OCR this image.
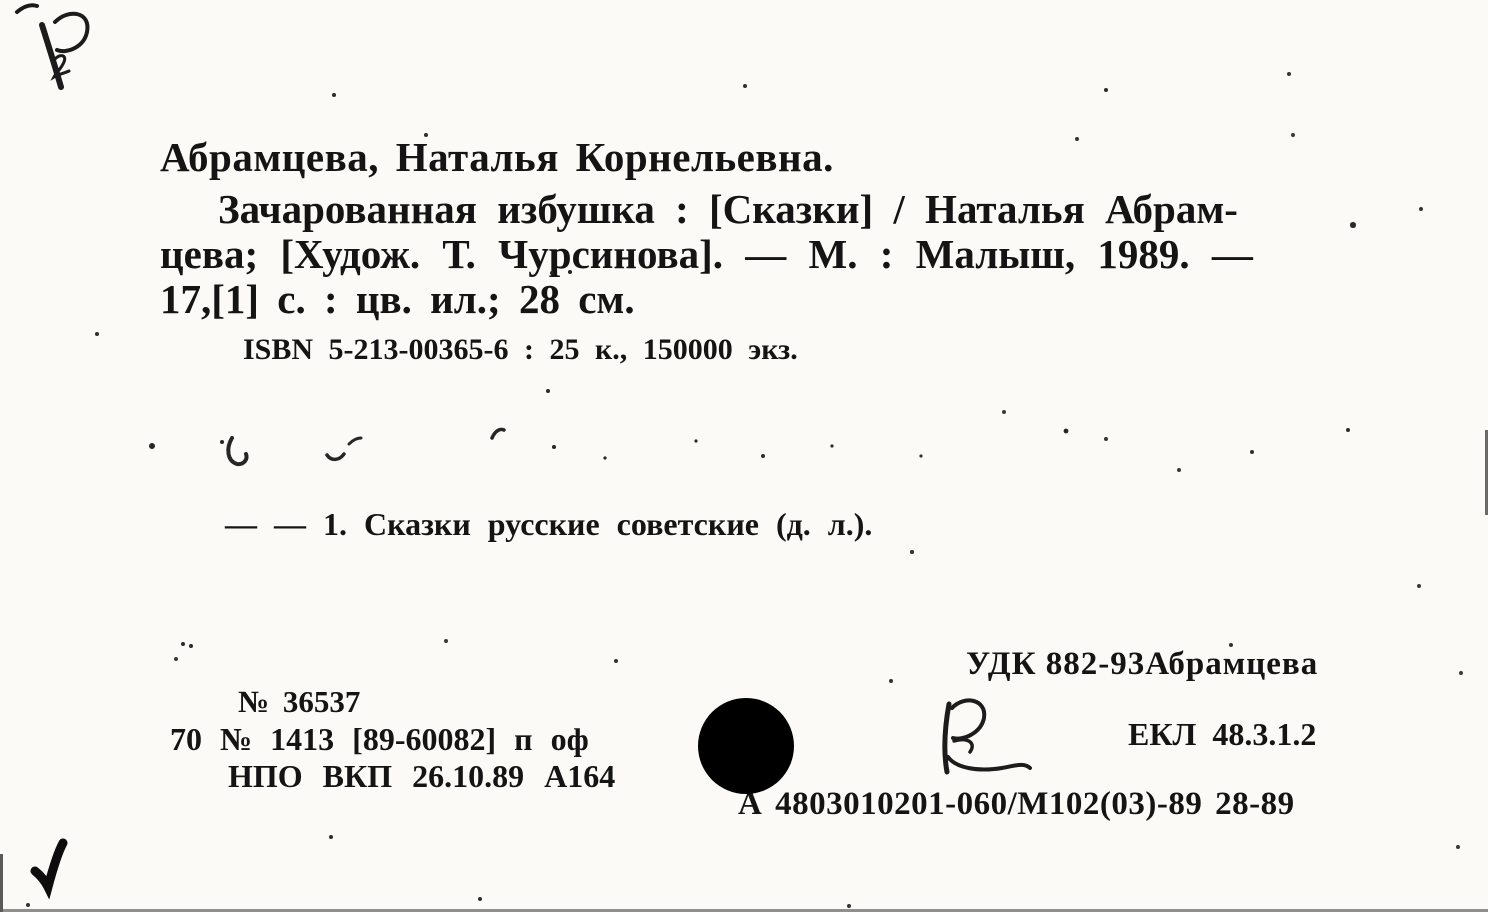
Абрамцева, Наталья Корнельевна.
Зачарованная избушка : [Сказки] / Наталья Абрам-
цева; [Худож. Т. Чурсинова]. — М. : Малыш, 1989. —
17,[1] с. : цв. ил.; 28 см.
ISBN 5-213-00365-6 : 25 к., 150000 экз.
— — 1. Сказки русские советские (д. л.).
УДК 882-93Абрамцева
№ 36537
70 № 1413 [89-60082] п оф
НПО ВКП 26.10.89 А164
ЕКЛ 48.3.1.2
А 4803010201-060/М102(03)-89 28-89
